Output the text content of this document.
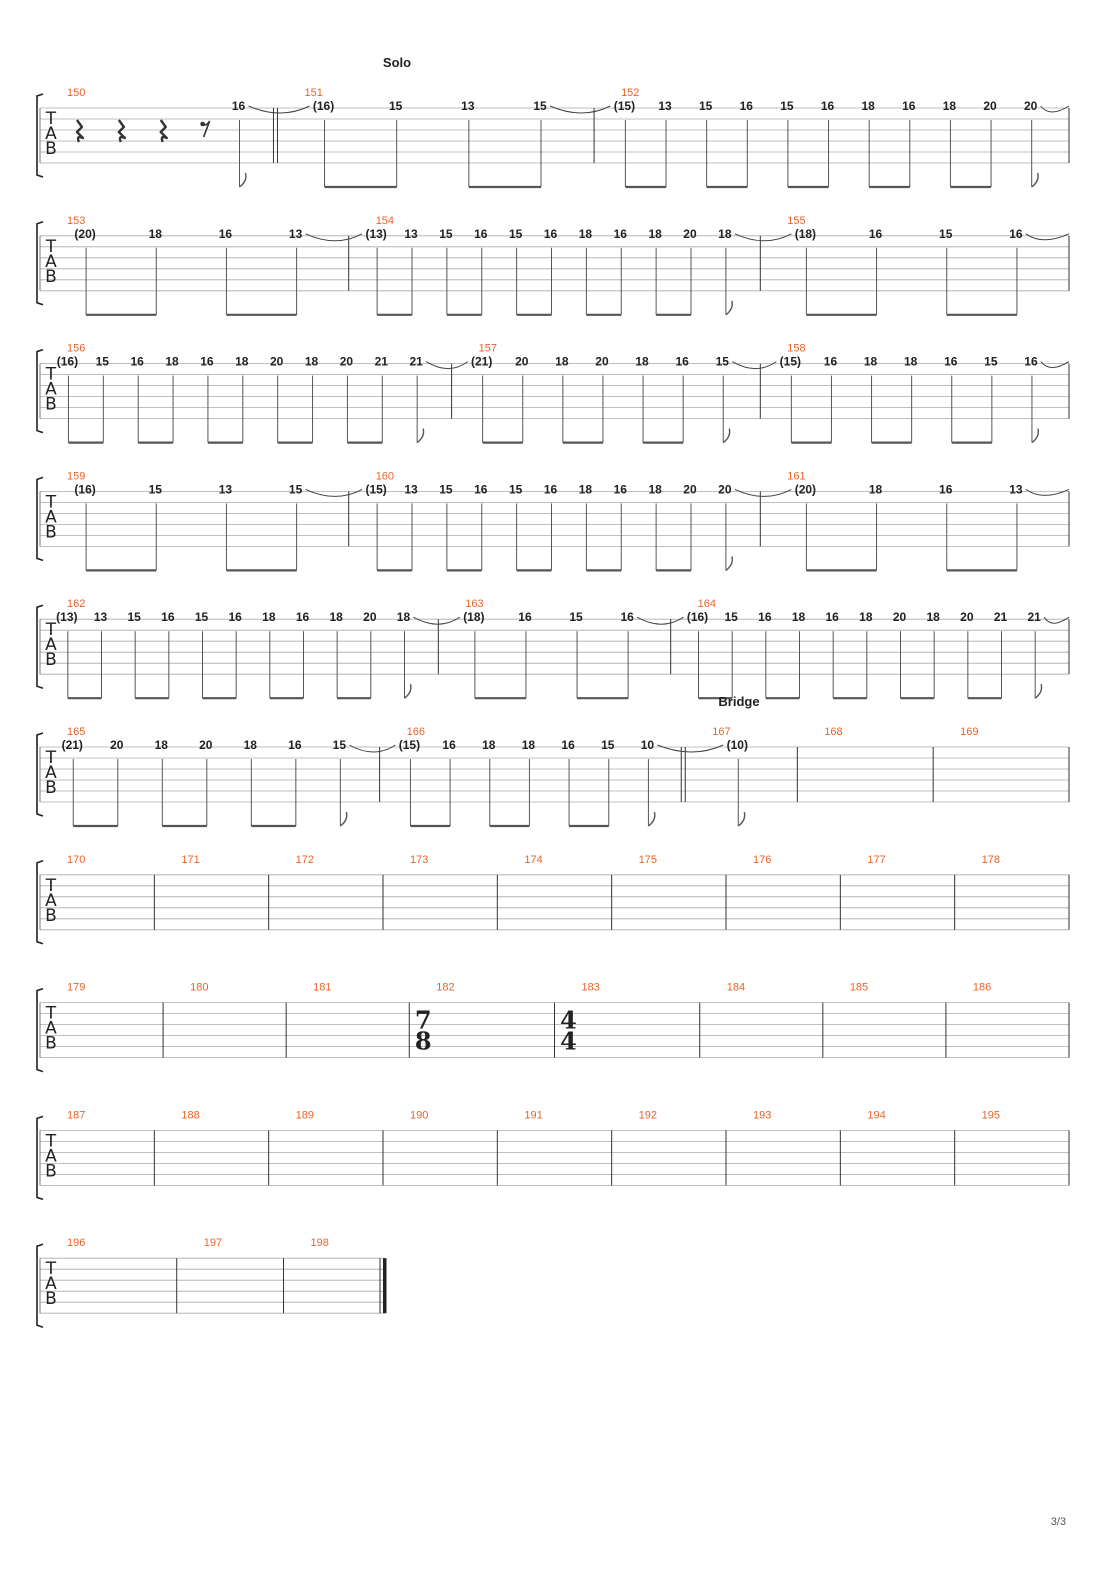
Solo
T
A
B
150
16
151
(16)	15	13	15
152
(15) 13 15 16 15 16 18 16 18 20 20
T
A
B
153
(20)	18	16	13
154
(13) 13 15 16 15 16 18 16 18 20 18
155
(18)	16	15	16
T
A
B
156
(16) 15 16 18 16 18 20 18 20 21 21
157
(21) 20 18 20 18 16 15
158
(15) 16 18 18 16 15 16
T
A
B
159
(16)	15	13	15
160
(15) 13 15 16 15 16 18 16 18 20 20
161
(20)	18	16	13
T
A
B
162
(13) 13 15 16 15 16 18 16 18 20 18
163
(18)	16	15	16
164
(16) 15 16 18 16 18 20 18 20 21 21
Bridge
T
A
B
165
(21) 20	18	20	18	16	15
166
(15) 16 18 18 16 15 10
167
(10)
168	169
T
A
B
170	171	172	173	174	175	176	177	178
T
A
B
179	180	181	182
7
8
183
4
4
184	185	186
T
A
B
187	188	189	190	191	192	193	194	195
T
A
B
196	197	198
3/3
